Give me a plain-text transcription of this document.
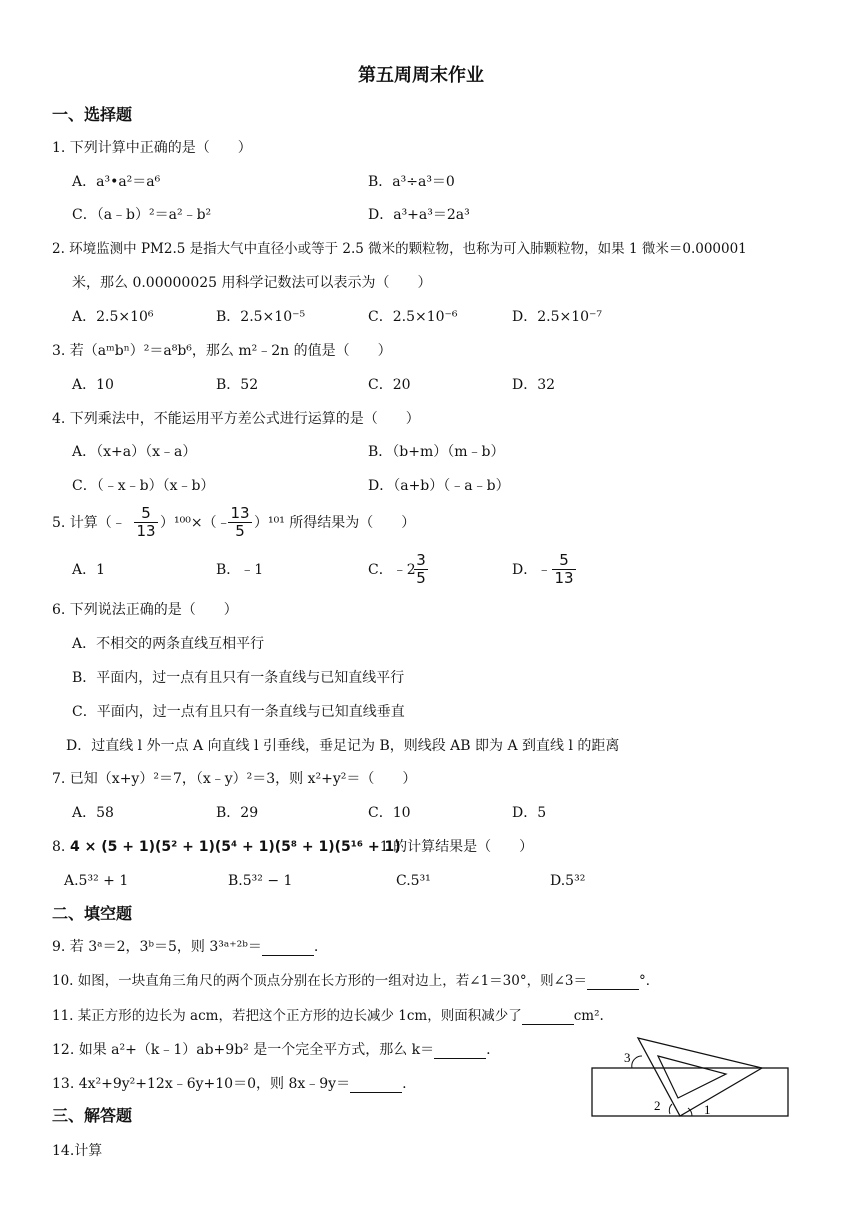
第五周周末作业
一、选择题
1. 下列计算中正确的是（　　）
A．a³•a²＝a⁶	B．a³÷a³＝0
C．（a﹣b）²＝a²﹣b²	D．a³+a³＝2a³
2. 环境监测中 PM2.5 是指大气中直径小或等于 2.5 微米的颗粒物，也称为可入肺颗粒物，如果 1 微米＝0.000001
米，那么 0.00000025 用科学记数法可以表示为（　　）
A．2.5×10⁶	B．2.5×10⁻⁵	C．2.5×10⁻⁶	D．2.5×10⁻⁷
3. 若（aᵐbⁿ）²＝a⁸b⁶，那么 m²﹣2n 的值是（　　）
A．10	B．52	C．20	D．32
4. 下列乘法中，不能运用平方差公式进行运算的是（　　）
A．（x+a）（x﹣a）	B．（b+m）（m﹣b）
C．（﹣x﹣b）（x﹣b）	D．（a+b）（﹣a﹣b）
5. 计算（﹣
5
13 ）¹⁰⁰×（﹣
13
5 ）¹⁰¹ 所得结果为（　　）
A．1	B．﹣1	C．﹣2
3
5	D．﹣
5
13
6. 下列说法正确的是（　　）
A．不相交的两条直线互相平行
B．平面内，过一点有且只有一条直线与已知直线平行
C．平面内，过一点有且只有一条直线与已知直线垂直
D．过直线 l 外一点 A 向直线 l 引垂线，垂足记为 B，则线段 AB 即为 A 到直线 l 的距离
7. 已知（x+y）²＝7，（x﹣y）²＝3，则 x²+y²＝（　　）
A．58	B．29	C．10	D．5
8. 4 × (5 + 1)(5² + 1)(5⁴ + 1)(5⁸ + 1)(5¹⁶ + 1)
+1 的计算结果是（　　）
A.5³² + 1	B.5³² − 1	C.5³¹	D.5³²
二、填空题
9. 若 3ᵃ＝2，3ᵇ＝5，则 3³ᵃ⁺²ᵇ＝	.
10. 如图，一块直角三角尺的两个顶点分别在长方形的一组对边上，若∠1＝30°，则∠3＝	°．
11. 某正方形的边长为 acm，若把这个正方形的边长减少 1cm，则面积减少了	cm².
12. 如果 a²+（k﹣1）ab+9b² 是一个完全平方式，那么 k＝	.
13. 4x²+9y²+12x﹣6y+10＝0，则 8x﹣9y＝	.
三、解答题
14.计算
3
2	1
